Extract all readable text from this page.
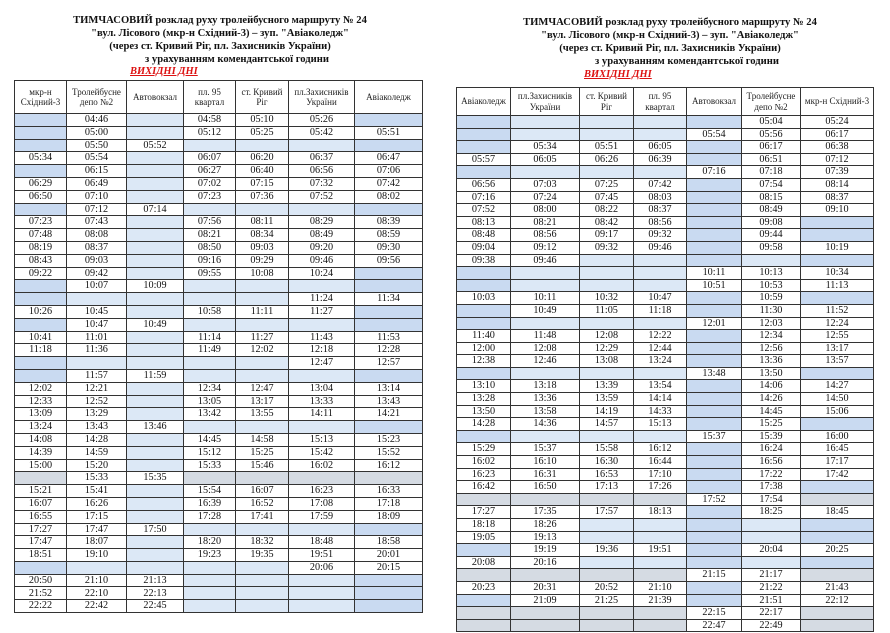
ТИМЧАСОВИЙ розклад руху тролейбусного маршруту № 24
"вул. Лісового (мкр-н Східний-3) – зуп. "Авіаколедж"
(через ст. Кривий Ріг, пл. Захисників України)
з урахуванням комендантської години
ВИХІДНІ ДНІ
мкр-н Східний-3	Тролейбусне депо №2	Автовокзал	пл. 95 квартал	ст. Кривий Ріг	пл.Захисників України	Авіаколедж
	04:46		04:58	05:10	05:26	
	05:00		05:12	05:25	05:42	05:51
	05:50	05:52				
05:34	05:54		06:07	06:20	06:37	06:47
	06:15		06:27	06:40	06:56	07:06
06:29	06:49		07:02	07:15	07:32	07:42
06:50	07:10		07:23	07:36	07:52	08:02
	07:12	07:14				
07:23	07:43		07:56	08:11	08:29	08:39
07:48	08:08		08:21	08:34	08:49	08:59
08:19	08:37		08:50	09:03	09:20	09:30
08:43	09:03		09:16	09:29	09:46	09:56
09:22	09:42		09:55	10:08	10:24	
	10:07	10:09				
					11:24	11:34
10:26	10:45		10:58	11:11	11:27	
	10:47	10:49				
10:41	11:01		11:14	11:27	11:43	11:53
11:18	11:36		11:49	12:02	12:18	12:28
					12:47	12:57
	11:57	11:59				
12:02	12:21		12:34	12:47	13:04	13:14
12:33	12:52		13:05	13:17	13:33	13:43
13:09	13:29		13:42	13:55	14:11	14:21
13:24	13:43	13:46				
14:08	14:28		14:45	14:58	15:13	15:23
14:39	14:59		15:12	15:25	15:42	15:52
15:00	15:20		15:33	15:46	16:02	16:12
	15:33	15:35				
15:21	15:41		15:54	16:07	16:23	16:33
16:07	16:26		16:39	16:52	17:08	17:18
16:55	17:15		17:28	17:41	17:59	18:09
17:27	17:47	17:50				
17:47	18:07		18:20	18:32	18:48	18:58
18:51	19:10		19:23	19:35	19:51	20:01
					20:06	20:15
20:50	21:10	21:13				
21:52	22:10	22:13				
22:22	22:42	22:45				
ТИМЧАСОВИЙ розклад руху тролейбусного маршруту № 24
"вул. Лісового (мкр-н Східний-3) – зуп. "Авіаколедж"
(через ст. Кривий Ріг, пл. Захисників України)
з урахуванням комендантської години
ВИХІДНІ ДНІ
Авіаколедж	пл.Захисників України	ст. Кривий Ріг	пл. 95 квартал	Автовокзал	Тролейбусне депо №2	мкр-н Східний-3
					05:04	05:24
				05:54	05:56	06:17
	05:34	05:51	06:05		06:17	06:38
05:57	06:05	06:26	06:39		06:51	07:12
				07:16	07:18	07:39
06:56	07:03	07:25	07:42		07:54	08:14
07:16	07:24	07:45	08:03		08:15	08:37
07:52	08:00	08:22	08:37		08:49	09:10
08:13	08:21	08:42	08:56		09:08	
08:48	08:56	09:17	09:32		09:44	
09:04	09:12	09:32	09:46		09:58	10:19
09:38	09:46					
				10:11	10:13	10:34
				10:51	10:53	11:13
10:03	10:11	10:32	10:47		10:59	
	10:49	11:05	11:18		11:30	11:52
				12:01	12:03	12:24
11:40	11:48	12:08	12:22		12:34	12:55
12:00	12:08	12:29	12:44		12:56	13:17
12:38	12:46	13:08	13:24		13:36	13:57
				13:48	13:50	
13:10	13:18	13:39	13:54		14:06	14:27
13:28	13:36	13:59	14:14		14:26	14:50
13:50	13:58	14:19	14:33		14:45	15:06
14:28	14:36	14:57	15:13		15:25	
				15:37	15:39	16:00
15:29	15:37	15:58	16:12		16:24	16:45
16:02	16:10	16:30	16:44		16:56	17:17
16:23	16:31	16:53	17:10		17:22	17:42
16:42	16:50	17:13	17:26		17:38	
				17:52	17:54	
17:27	17:35	17:57	18:13		18:25	18:45
18:18	18:26					
19:05	19:13					
	19:19	19:36	19:51		20:04	20:25
20:08	20:16					
				21:15	21:17	
20:23	20:31	20:52	21:10		21:22	21:43
	21:09	21:25	21:39		21:51	22:12
				22:15	22:17	
				22:47	22:49	
